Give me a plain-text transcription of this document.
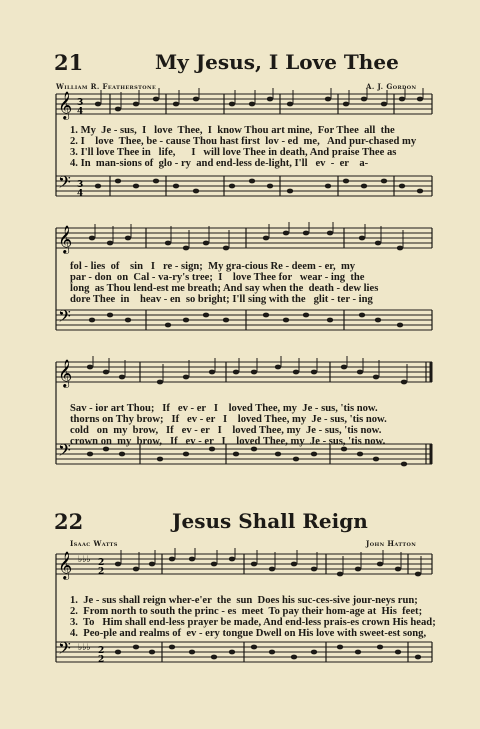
21	My Jesus, I Love Thee
William R. Featherstone	A. J. Gordon
𝄞 3
4
𝄢 3
4
1. My  Je - sus,  I   love  Thee,  I  know Thou art mine,  For Thee  all  the
2. I    love  Thee, be - cause Thou hast first  lov - ed  me,   And pur-chased my
3. I'll love Thee in   life,      I   will love Thee in death, And praise Thee as
4. In  man-sions of  glo - ry  and end-less de-light, I'll   ev  -  er    a-
𝄞
𝄢
fol - lies  of    sin   I   re - sign;  My gra-cious Re - deem - er,  my
par - don  on  Cal - va-ry's tree;  I    love Thee for   wear - ing  the
long  as Thou lend-est me breath; And say when the  death - dew lies
dore Thee  in    heav - en  so bright; I'll sing with the   glit - ter - ing
𝄞
𝄢
Sav - ior art Thou;   If   ev - er   I    loved Thee, my  Je - sus, 'tis now.
thorns on Thy brow;   If   ev - er   I    loved Thee, my  Je - sus, 'tis now.
cold   on  my  brow,   If   ev - er   I    loved Thee, my  Je - sus, 'tis now.
crown on  my  brow,   If   ev - er   I    loved Thee, my  Je - sus, 'tis now.
22	Jesus Shall Reign
Isaac Watts	John Hatton
𝄞 ♭♭♭ 2
2
𝄢 ♭♭♭ 2
2
1.  Je - sus shall reign wher-e'er  the  sun  Does his suc-ces-sive jour-neys run;
2.  From north to south the princ - es  meet  To pay their hom-age at  His  feet;
3.  To   Him shall end-less prayer be made, And end-less prais-es crown His head;
4.  Peo-ple and realms of  ev - ery tongue Dwell on His love with sweet-est song,
